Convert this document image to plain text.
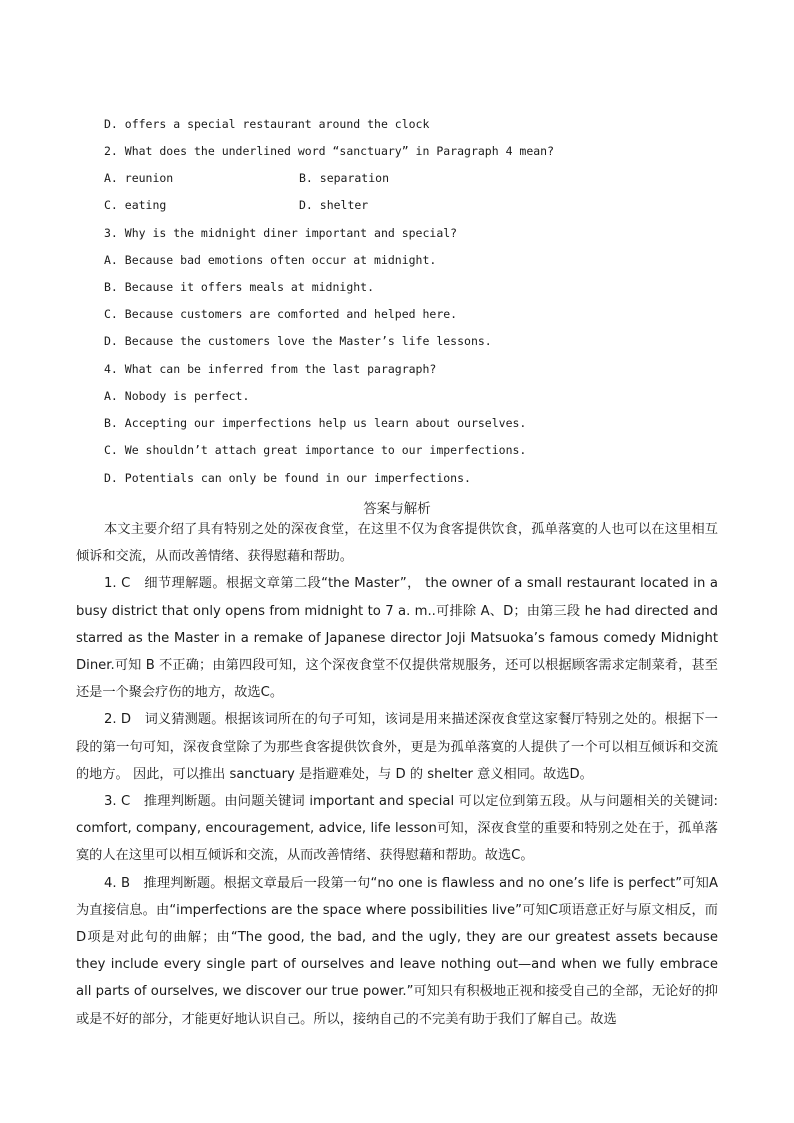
D. offers a special restaurant around the clock
2. What does the underlined word “sanctuary” in Paragraph 4 mean?
A. reunion	B. separation
C. eating	D. shelter
3. Why is the midnight diner important and special?
A. Because bad emotions often occur at midnight.
B. Because it offers meals at midnight.
C. Because customers are comforted and helped here.
D. Because the customers love the Master’s life lessons.
4. What can be inferred from the last paragraph?
A. Nobody is perfect.
B. Accepting our imperfections help us learn about ourselves.
C. We shouldn’t attach great importance to our imperfections.
D. Potentials can only be found in our imperfections.
答案与解析

本文主要介绍了具有特别之处的深夜食堂，在这里不仅为食客提供饮食，孤单落寞的人也可以在这里相互倾诉和交流，从而改善情绪、获得慰藉和帮助。

1. C　细节理解题。根据文章第二段“the Master”， the owner of a small restaurant located in a busy district that only opens from midnight to 7 a. m..可排除 A、D；由第三段 he had directed and starred as the Master in a remake of Japanese director Joji Matsuoka’s famous comedy Midnight Diner.可知 B 不正确；由第四段可知，这个深夜食堂不仅提供常规服务，还可以根据顾客需求定制菜肴，甚至还是一个聚会疗伤的地方，故选C。

2. D　词义猜测题。根据该词所在的句子可知，该词是用来描述深夜食堂这家餐厅特别之处的。根据下一段的第一句可知，深夜食堂除了为那些食客提供饮食外，更是为孤单落寞的人提供了一个可以相互倾诉和交流的地方。 因此，可以推出 sanctuary 是指避难处，与 D 的 shelter 意义相同。故选D。

3. C　推理判断题。由问题关键词 important and special 可以定位到第五段。从与问题相关的关键词: comfort, company, encouragement, advice, life lesson可知，深夜食堂的重要和特别之处在于，孤单落寞的人在这里可以相互倾诉和交流，从而改善情绪、获得慰藉和帮助。故选C。

4. B　推理判断题。根据文章最后一段第一句“no one is flawless and no one’s life is perfect”可知A为直接信息。由“imperfections are the space where possibilities live”可知C项语意正好与原文相反，而D项是对此句的曲解；由“The good, the bad, and the ugly, they are our greatest assets because they include every single part of ourselves and leave nothing out—and when we fully embrace all parts of ourselves, we discover our true power.”可知只有积极地正视和接受自己的全部，无论好的抑或是不好的部分，才能更好地认识自己。所以，接纳自己的不完美有助于我们了解自己。故选
